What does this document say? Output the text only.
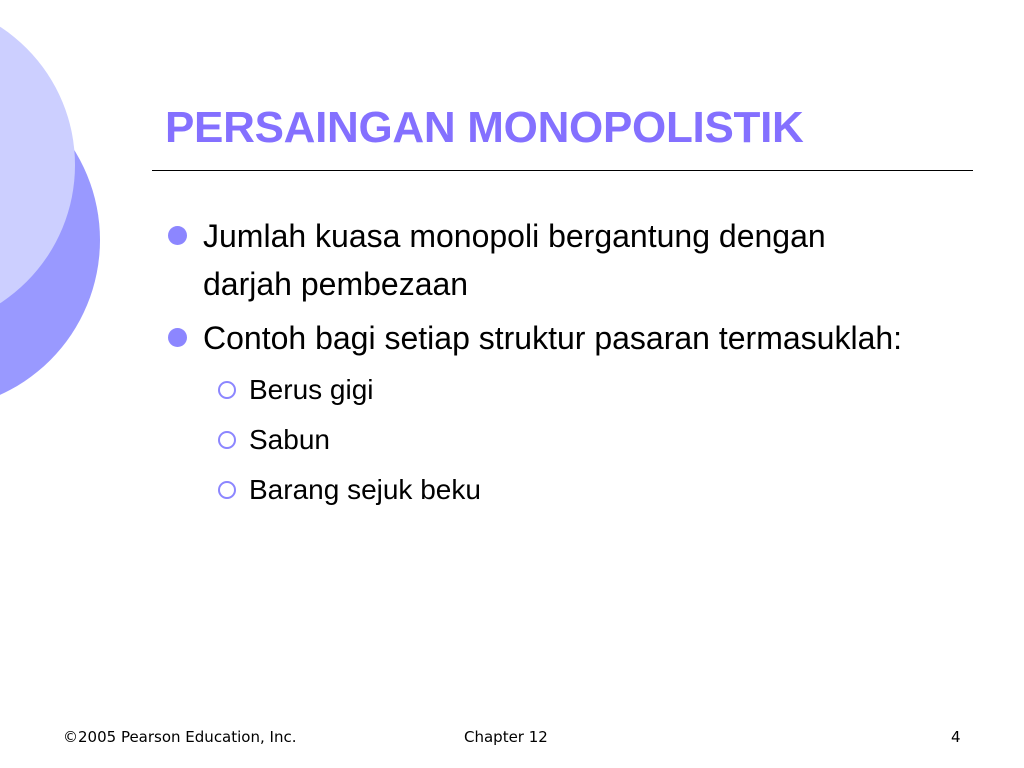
PERSAINGAN MONOPOLISTIK
Jumlah kuasa monopoli bergantung dengan darjah pembezaan
Contoh bagi setiap struktur pasaran termasuklah:
Berus gigi
Sabun
Barang sejuk beku
©2005 Pearson Education, Inc.	Chapter 12	4
